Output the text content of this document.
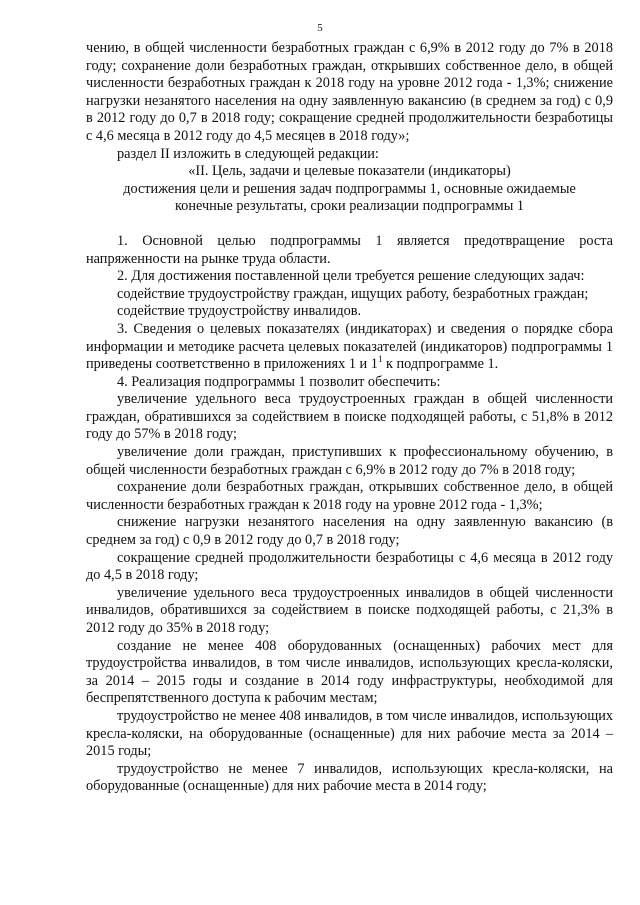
5

чению, в общей численности безработных граждан с 6,9% в 2012 году до 7% в 2018 году; сохранение доли безработных граждан, открывших собственное дело, в общей численности безработных граждан к 2018 году на уровне 2012 года - 1,3%; снижение нагрузки незанятого населения на одну заявленную вакансию (в среднем за год) с 0,9 в 2012 году до 0,7 в 2018 году; сокращение средней продолжительности безработицы с 4,6 месяца в 2012 году до 4,5 месяцев в 2018 году»;

раздел II изложить в следующей редакции:

«II. Цель, задачи и целевые показатели (индикаторы)

достижения цели и решения задач подпрограммы 1, основные ожидаемые

конечные результаты, сроки реализации подпрограммы 1

1. Основной целью подпрограммы 1 является предотвращение роста напряженности на рынке труда области.

2. Для достижения поставленной цели требуется решение следующих задач:

содействие трудоустройству граждан, ищущих работу, безработных граждан;

содействие трудоустройству инвалидов.

3. Сведения о целевых показателях (индикаторах) и сведения о порядке сбора информации и методике расчета целевых показателей (индикаторов) подпрограммы 1 приведены соответственно в приложениях 1 и $1^1$ к подпрограмме 1.

4. Реализация подпрограммы 1 позволит обеспечить:

увеличение удельного веса трудоустроенных граждан в общей численности граждан, обратившихся за содействием в поиске подходящей работы, с 51,8% в 2012 году до 57% в 2018 году;

увеличение доли граждан, приступивших к профессиональному обучению, в общей численности безработных граждан с 6,9% в 2012 году до 7% в 2018 году;

сохранение доли безработных граждан, открывших собственное дело, в общей численности безработных граждан к 2018 году на уровне 2012 года - 1,3%;

снижение нагрузки незанятого населения на одну заявленную вакансию (в среднем за год) с 0,9 в 2012 году до 0,7 в 2018 году;

сокращение средней продолжительности безработицы с 4,6 месяца в 2012 году до 4,5 в 2018 году;

увеличение удельного веса трудоустроенных инвалидов в общей численности инвалидов, обратившихся за содействием в поиске подходящей работы, с 21,3% в 2012 году до 35% в 2018 году;

создание не менее 408 оборудованных (оснащенных) рабочих мест для трудоустройства инвалидов, в том числе инвалидов, использующих кресла-коляски, за 2014 – 2015 годы и создание в 2014 году инфраструктуры, необходимой для беспрепятственного доступа к рабочим местам;

трудоустройство не менее 408 инвалидов, в том числе инвалидов, использующих кресла-коляски, на оборудованные (оснащенные) для них рабочие места за 2014 – 2015 годы;

трудоустройство не менее 7 инвалидов, использующих кресла-коляски, на оборудованные (оснащенные) для них рабочие места в 2014 году;
